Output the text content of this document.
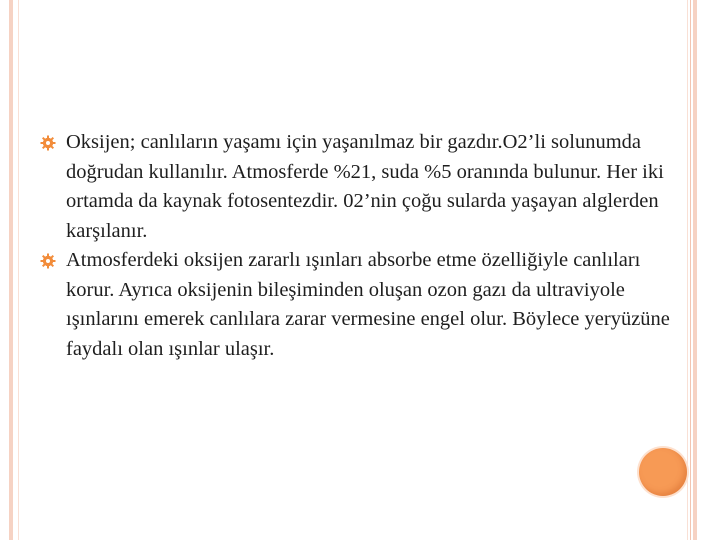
Oksijen; canlıların yaşamı için yaşanılmaz bir gazdır.O2’li solunumda doğrudan kullanılır. Atmosferde %21, suda %5 oranında bulunur. Her iki ortamda da kaynak fotosentezdir. 02’nin çoğu sularda yaşayan alglerden karşılanır.

Atmosferdeki oksijen zararlı ışınları absorbe etme özelliğiyle canlıları korur. Ayrıca oksijenin bileşiminden oluşan ozon gazı da ultraviyole ışınlarını emerek canlılara zarar vermesine engel olur. Böylece yeryüzüne faydalı olan ışınlar ulaşır.
